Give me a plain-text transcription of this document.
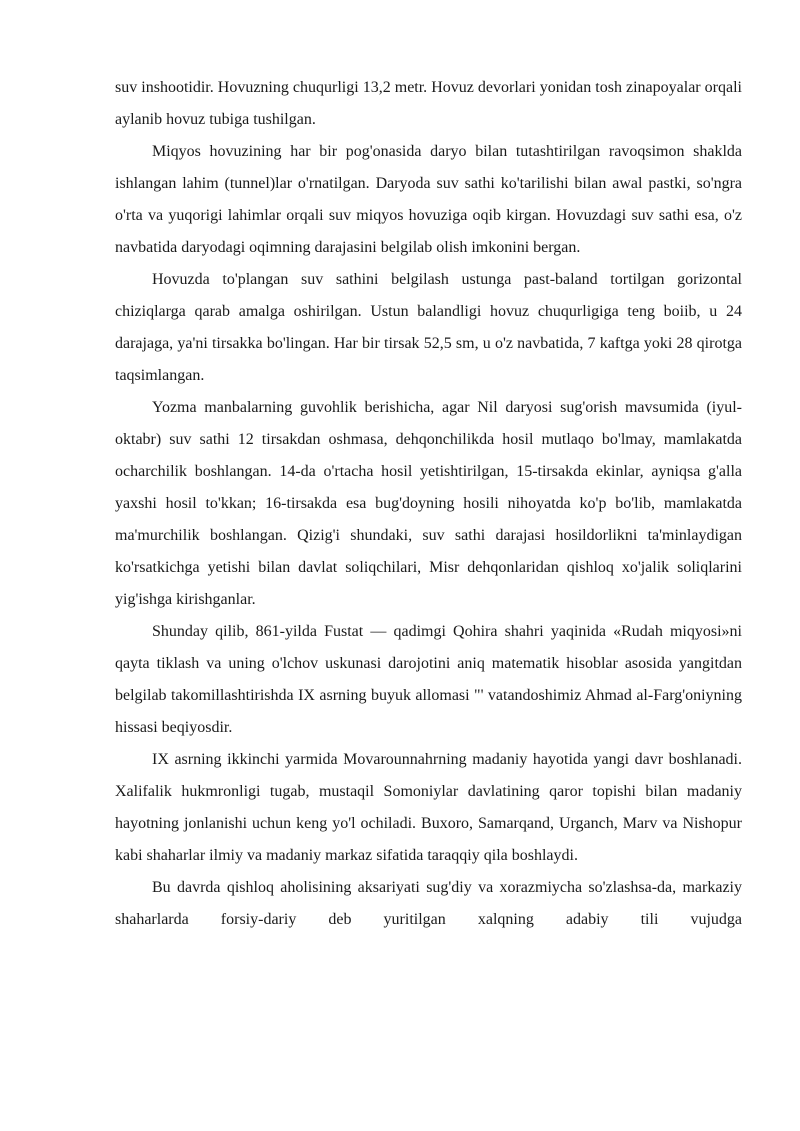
suv inshootidir. Hovuzning chuqurligi 13,2 metr. Hovuz devorlari yonidan tosh zinapoyalar orqali aylanib hovuz tubiga tushilgan.

Miqyos hovuzining har bir pog'onasida daryo bilan tutashtirilgan ravoqsimon shaklda ishlangan lahim (tunnel)lar o'rnatilgan. Daryoda suv sathi ko'tarilishi bilan awal pastki, so'ngra o'rta va yuqorigi lahimlar orqali suv miqyos hovuziga oqib kirgan. Hovuzdagi suv sathi esa, o'z navbatida daryodagi oqimning darajasini belgilab olish imkonini bergan.

Hovuzda to'plangan suv sathini belgilash ustunga past-baland tortilgan gorizontal chiziqlarga qarab amalga oshirilgan. Ustun balandligi hovuz chuqurligiga teng boiib, u 24 darajaga, ya'ni tirsakka bo'lingan. Har bir tirsak 52,5 sm, u o'z navbatida, 7 kaftga yoki 28 qirotga taqsimlangan.

Yozma manbalarning guvohlik berishicha, agar Nil daryosi sug'orish mavsumida (iyul-oktabr) suv sathi 12 tirsakdan oshmasa, dehqonchilikda hosil mutlaqo bo'lmay, mamlakatda ocharchilik boshlangan. 14-da o'rtacha hosil yetishtirilgan, 15-tirsakda ekinlar, ayniqsa g'alla yaxshi hosil to'kkan; 16-tirsakda esa bug'doyning hosili nihoyatda ko'p bo'lib, mamlakatda ma'murchilik boshlangan. Qizig'i shundaki, suv sathi darajasi hosildorlikni ta'minlaydigan ko'rsatkichga yetishi bilan davlat soliqchilari, Misr dehqonlaridan qishloq xo'jalik soliqlarini yig'ishga kirishganlar.

Shunday qilib, 861-yilda Fustat — qadimgi Qohira shahri yaqinida «Rudah miqyosi»ni qayta tiklash va uning o'lchov uskunasi darojotini aniq matematik hisoblar asosida yangitdan belgilab takomillashtirishda IX asrning buyuk allomasi "' vatandoshimiz Ahmad al-Farg'oniyning hissasi beqiyosdir.

IX asrning ikkinchi yarmida Movarounnahrning madaniy hayotida yangi davr boshlanadi. Xalifalik hukmronligi tugab, mustaqil Somoniylar davlatining qaror topishi bilan madaniy hayotning jonlanishi uchun keng yo'l ochiladi. Buxoro, Samarqand, Urganch, Marv va Nishopur kabi shaharlar ilmiy va madaniy markaz sifatida taraqqiy qila boshlaydi.

Bu davrda qishloq aholisining aksariyati sug'diy va xorazmiycha so'zlashsa-da, markaziy shaharlarda forsiy-dariy deb yuritilgan xalqning adabiy tili vujudga
